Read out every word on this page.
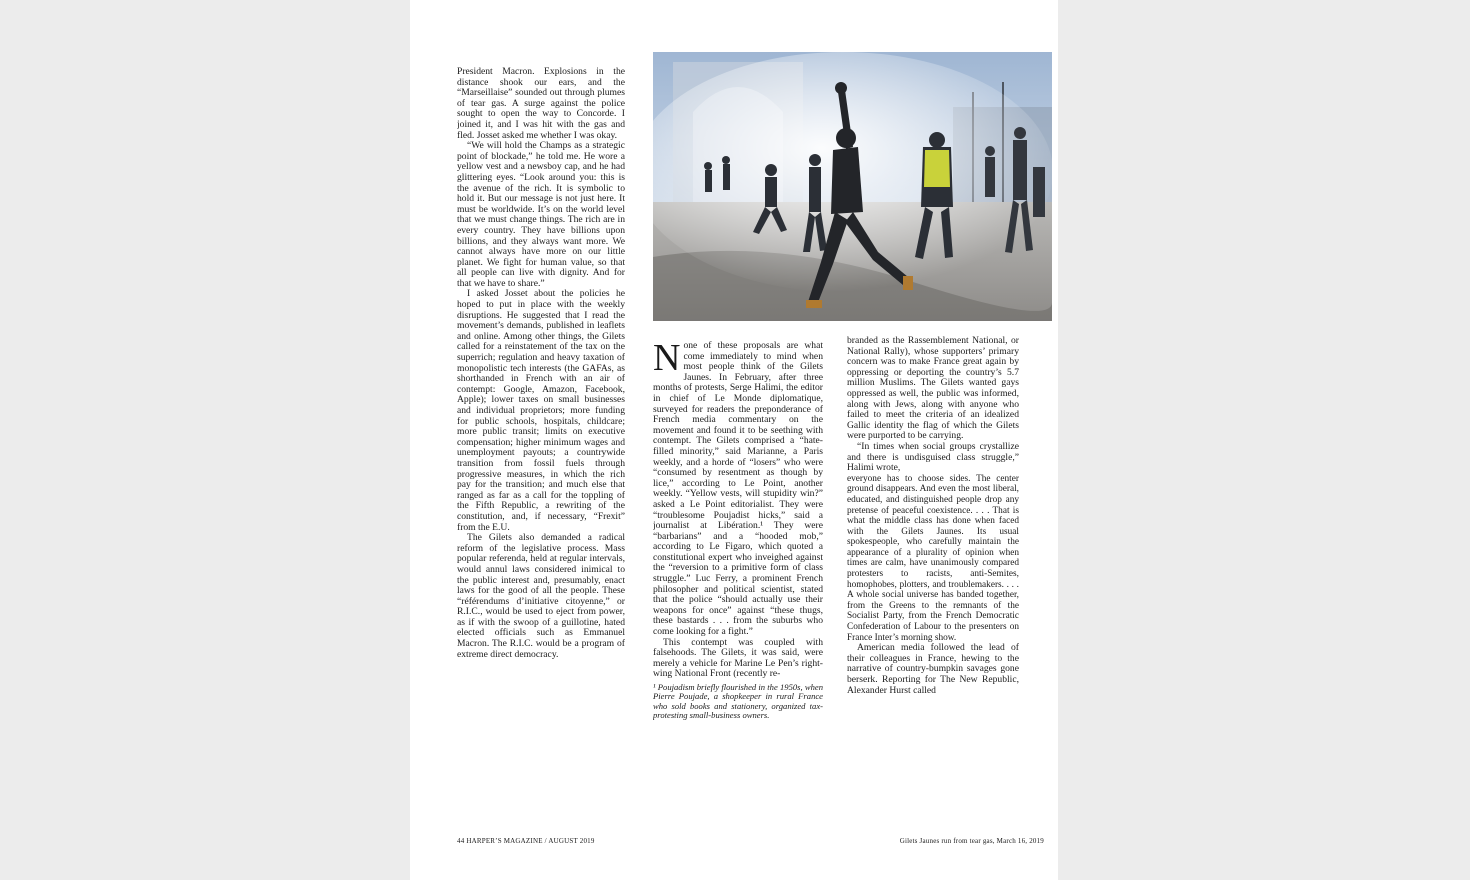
President Macron. Explosions in the distance shook our ears, and the “Marseillaise” sounded out through plumes of tear gas. A surge against the police sought to open the way to Concorde. I joined it, and I was hit with the gas and fled. Josset asked me whether I was okay.

“We will hold the Champs as a strategic point of blockade,” he told me. He wore a yellow vest and a newsboy cap, and he had glittering eyes. “Look around you: this is the avenue of the rich. It is symbolic to hold it. But our message is not just here. It must be worldwide. It’s on the world level that we must change things. The rich are in every country. They have billions upon billions, and they always want more. We cannot always have more on our little planet. We fight for human value, so that all people can live with dignity. And for that we have to share.”

I asked Josset about the policies he hoped to put in place with the weekly disruptions. He suggested that I read the movement’s demands, published in leaflets and online. Among other things, the Gilets called for a reinstatement of the tax on the superrich; regulation and heavy taxation of monopolistic tech interests (the GAFAs, as shorthanded in French with an air of contempt: Google, Amazon, Facebook, Apple); lower taxes on small businesses and individual proprietors; more funding for public schools, hospitals, childcare; more public transit; limits on executive compensation; higher minimum wages and unemployment payouts; a countrywide transition from fossil fuels through progressive measures, in which the rich pay for the transition; and much else that ranged as far as a call for the toppling of the Fifth Republic, a rewriting of the constitution, and, if necessary, “Frexit” from the E.U.

The Gilets also demanded a radical reform of the legislative process. Mass popular referenda, held at regular intervals, would annul laws considered inimical to the public interest and, presumably, enact laws for the good of all the people. These “référendums d’initiative citoyenne,” or R.I.C., would be used to eject from power, as if with the swoop of a guillotine, hated elected officials such as Emmanuel Macron. The R.I.C. would be a program of extreme direct democracy.

N one of these proposals are what come immediately to mind when most people think of the Gilets Jaunes. In February, after three months of protests, Serge Halimi, the editor in chief of Le Monde diplomatique, surveyed for readers the preponderance of French media commentary on the movement and found it to be seething with contempt. The Gilets comprised a “hate-filled minority,” said Marianne, a Paris weekly, and a horde of “losers” who were “consumed by resentment as though by lice,” according to Le Point, another weekly. “Yellow vests, will stupidity win?” asked a Le Point editorialist. They were “troublesome Poujadist hicks,” said a journalist at Libération.¹ They were “barbarians” and a “hooded mob,” according to Le Figaro, which quoted a constitutional expert who inveighed against the “reversion to a primitive form of class struggle.” Luc Ferry, a prominent French philosopher and political scientist, stated that the police “should actually use their weapons for once” against “these thugs, these bastards . . . from the suburbs who come looking for a fight.”

This contempt was coupled with falsehoods. The Gilets, it was said, were merely a vehicle for Marine Le Pen’s right-wing National Front (recently re-

¹ Poujadism briefly flourished in the 1950s, when Pierre Poujade, a shopkeeper in rural France who sold books and stationery, organized tax-protesting small-business owners.

branded as the Rassemblement National, or National Rally), whose supporters’ primary concern was to make France great again by oppressing or deporting the country’s 5.7 million Muslims. The Gilets wanted gays oppressed as well, the public was informed, along with Jews, along with anyone who failed to meet the criteria of an idealized Gallic identity the flag of which the Gilets were purported to be carrying.

“In times when social groups crystallize and there is undisguised class struggle,” Halimi wrote,

everyone has to choose sides. The center ground disappears. And even the most liberal, educated, and distinguished people drop any pretense of peaceful coexistence. . . . That is what the middle class has done when faced with the Gilets Jaunes. Its usual spokespeople, who carefully maintain the appearance of a plurality of opinion when times are calm, have unanimously compared protesters to racists, anti-Semites, homophobes, plotters, and troublemakers. . . . A whole social universe has banded together, from the Greens to the remnants of the Socialist Party, from the French Democratic Confederation of Labour to the presenters on France Inter’s morning show.

American media followed the lead of their colleagues in France, hewing to the narrative of country-bumpkin savages gone berserk. Reporting for The New Republic, Alexander Hurst called

44 HARPER’S MAGAZINE / AUGUST 2019	Gilets Jaunes run from tear gas, March 16, 2019
